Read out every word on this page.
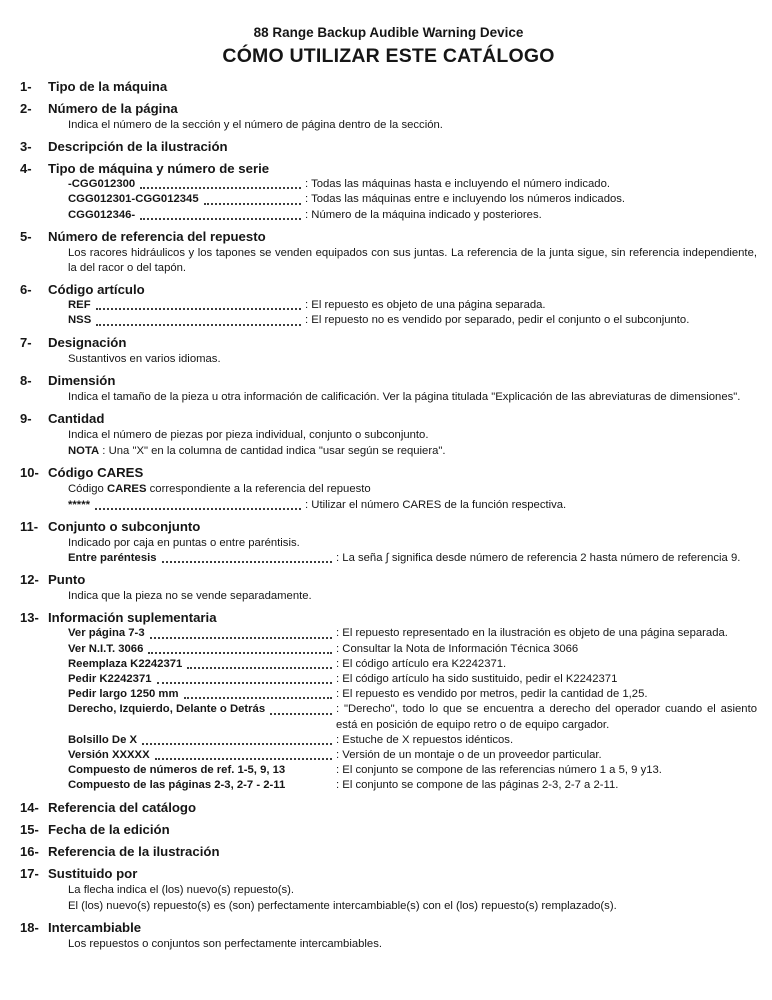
88 Range Backup Audible Warning Device
CÓMO UTILIZAR ESTE CATÁLOGO
1-	Tipo de la máquina
2-	Número de la página

Indica el número de la sección y el número de página dentro de la sección.

3-	Descripción de la ilustración
4-	Tipo de máquina y número de serie
-CGG012300	: Todas las máquinas hasta e incluyendo el número indicado.
CGG012301-CGG012345	: Todas las máquinas entre e incluyendo los números indicados.
CGG012346-	: Número de la máquina indicado y posteriores.
5-	Número de referencia del repuesto

Los racores hidráulicos y los tapones se venden equipados con sus juntas. La referencia de la junta sigue, sin referencia independiente, la del racor o del tapón.

6-	Código artículo
REF	: El repuesto es objeto de una página separada.
NSS	: El repuesto no es vendido por separado, pedir el conjunto o el subconjunto.
7-	Designación

Sustantivos en varios idiomas.

8-	Dimensión

Indica el tamaño de la pieza u otra información de calificación. Ver la página titulada "Explicación de las abreviaturas de dimensiones".

9-	Cantidad

Indica el número de piezas por pieza individual, conjunto o subconjunto.

NOTA : Una "X" en la columna de cantidad indica "usar según se requiera".

10- Código CARES

Código CARES correspondiente a la referencia del repuesto

*****	: Utilizar el número CARES de la función respectiva.
11- Conjunto o subconjunto

Indicado por caja en puntas o entre paréntisis.

Entre paréntesis	: La seña ∫ significa desde número de referencia 2 hasta número de referencia 9.
12- Punto

Indica que la pieza no se vende separadamente.

13- Información suplementaria
Ver página 7-3	: El repuesto representado en la ilustración es objeto de una página separada.
Ver N.I.T. 3066	: Consultar la Nota de Información Técnica 3066
Reemplaza K2242371	: El código artículo era K2242371.
Pedir K2242371	: El código artículo ha sido sustituido, pedir el K2242371
Pedir largo 1250 mm	: El repuesto es vendido por metros, pedir la cantidad de 1,25.
Derecho, Izquierdo, Delante o Detrás	: "Derecho", todo lo que se encuentra a derecho del operador cuando el asiento está en posición de equipo retro o de equipo cargador.
Bolsillo De X	: Estuche de X repuestos idénticos.
Versión XXXXX	: Versión de un montaje o de un proveedor particular.
Compuesto de números de ref. 1-5, 9, 13	: El conjunto se compone de las referencias número 1 a 5, 9 y13.
Compuesto de las páginas 2-3, 2-7 - 2-11	: El conjunto se compone de las páginas 2-3, 2-7 a 2-11.
14- Referencia del catálogo
15- Fecha de la edición
16- Referencia de la ilustración
17- Sustituido por

La flecha indica el (los) nuevo(s) repuesto(s).

El (los) nuevo(s) repuesto(s) es (son) perfectamente intercambiable(s) con el (los) repuesto(s) remplazado(s).

18- Intercambiable

Los repuestos o conjuntos son perfectamente intercambiables.
